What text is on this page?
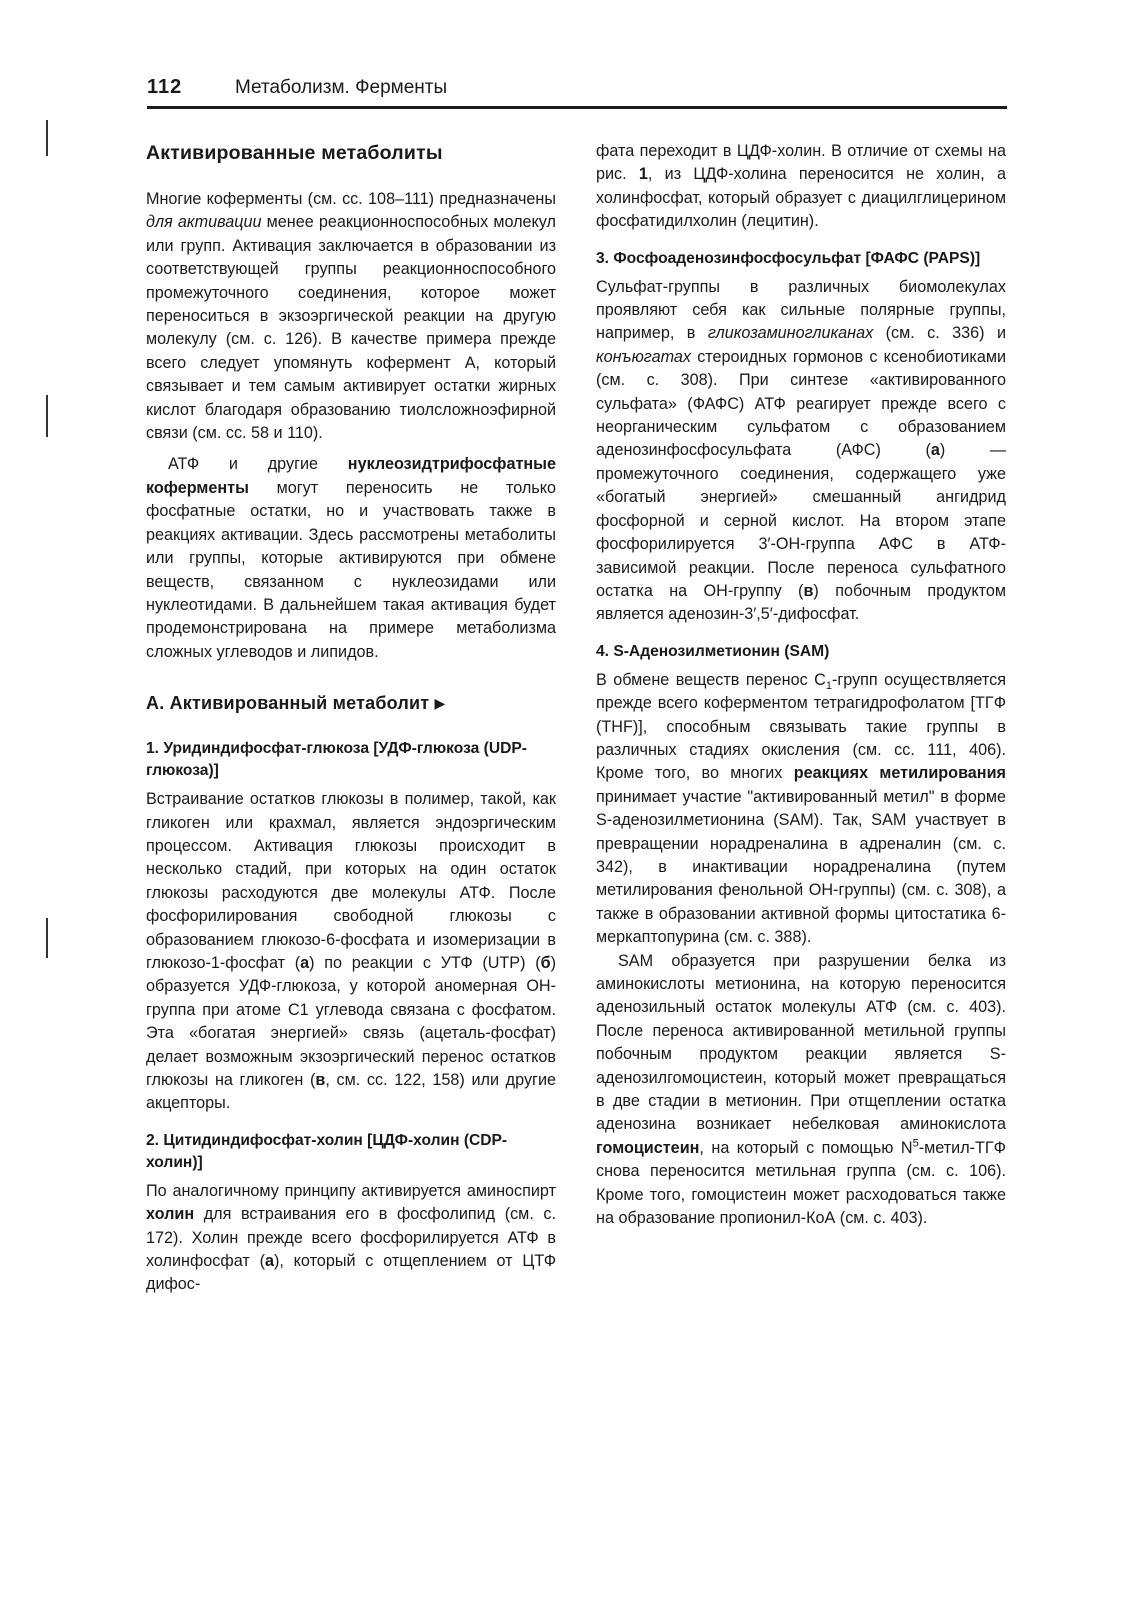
112	Метаболизм. Ферменты
Активированные метаболиты

Многие коферменты (см. сс. 108–111) предназначены для активации менее реакционноспособных молекул или групп. Активация заключается в образовании из соответствующей группы реакционноспособного промежуточного соединения, которое может переноситься в экзоэргической реакции на другую молекулу (см. с. 126). В качестве примера прежде всего следует упомянуть кофермент А, который связывает и тем самым активирует остатки жирных кислот благодаря образованию тиолсложноэфирной связи (см. сс. 58 и 110).

АТФ и другие нуклеозидтрифосфатные коферменты могут переносить не только фосфатные остатки, но и участвовать также в реакциях активации. Здесь рассмотрены метаболиты или группы, которые активируются при обмене веществ, связанном с нуклеозидами или нуклеотидами. В дальнейшем такая активация будет продемонстрирована на примере метаболизма сложных углеводов и липидов.

А. Активированный метаболит ▶
1. Уридиндифосфат-глюкоза [УДФ-глюкоза (UDP-глюкоза)]

Встраивание остатков глюкозы в полимер, такой, как гликоген или крахмал, является эндоэргическим процессом. Активация глюкозы происходит в несколько стадий, при которых на один остаток глюкозы расходуются две молекулы АТФ. После фосфорилирования свободной глюкозы с образованием глюкозо-6-фосфата и изомеризации в глюкозо-1-фосфат (а) по реакции с УТФ (UTP) (б) образуется УДФ-глюкоза, у которой аномерная ОН-группа при атоме С1 углевода связана с фосфатом. Эта «богатая энергией» связь (ацеталь-фосфат) делает возможным экзоэргический перенос остатков глюкозы на гликоген (в, см. сс. 122, 158) или другие акцепторы.

2. Цитидиндифосфат-холин [ЦДФ-холин (CDP-холин)]

По аналогичному принципу активируется аминоспирт холин для встраивания его в фосфолипид (см. с. 172). Холин прежде всего фосфорилируется АТФ в холинфосфат (а), который с отщеплением от ЦТФ дифос-

фата переходит в ЦДФ-холин. В отличие от схемы на рис. 1, из ЦДФ-холина переносится не холин, а холинфосфат, который образует с диацилглицерином фосфатидилхолин (лецитин).

3. Фосфоаденозинфосфосульфат [ФАФС (PAPS)]

Сульфат-группы в различных биомолекулах проявляют себя как сильные полярные группы, например, в гликозаминогликанах (см. с. 336) и конъюгатах стероидных гормонов с ксенобиотиками (см. с. 308). При синтезе «активированного сульфата» (ФАФС) АТФ реагирует прежде всего с неорганическим сульфатом с образованием аденозинфосфосульфата (АФС) (а) — промежуточного соединения, содержащего уже «богатый энергией» смешанный ангидрид фосфорной и серной кислот. На втором этапе фосфорилируется 3′-ОН-группа АФС в АТФ-зависимой реакции. После переноса сульфатного остатка на ОН-группу (в) побочным продуктом является аденозин-3′,5′-дифосфат.

4. S-Аденозилметионин (SAM)

В обмене веществ перенос $С_1$-групп осуществляется прежде всего коферментом тетрагидрофолатом [ТГФ (THF)], способным связывать такие группы в различных стадиях окисления (см. сс. 111, 406). Кроме того, во многих реакциях метилирования принимает участие "активированный метил" в форме S-аденозилметионина (SAM). Так, SAM участвует в превращении норадреналина в адреналин (см. с. 342), в инактивации норадреналина (путем метилирования фенольной ОН-группы) (см. с. 308), а также в образовании активной формы цитостатика 6-меркаптопурина (см. с. 388).

SAM образуется при разрушении белка из аминокислоты метионина, на которую переносится аденозильный остаток молекулы АТФ (см. с. 403). После переноса активированной метильной группы побочным продуктом реакции является S-аденозилгомоцистеин, который может превращаться в две стадии в метионин. При отщеплении остатка аденозина возникает небелковая аминокислота гомоцистеин, на который с помощью $N^5-метил$-ТГФ снова переносится метильная группа (см. с. 106). Кроме того, гомоцистеин может расходоваться также на образование пропионил-КоА (см. с. 403).
